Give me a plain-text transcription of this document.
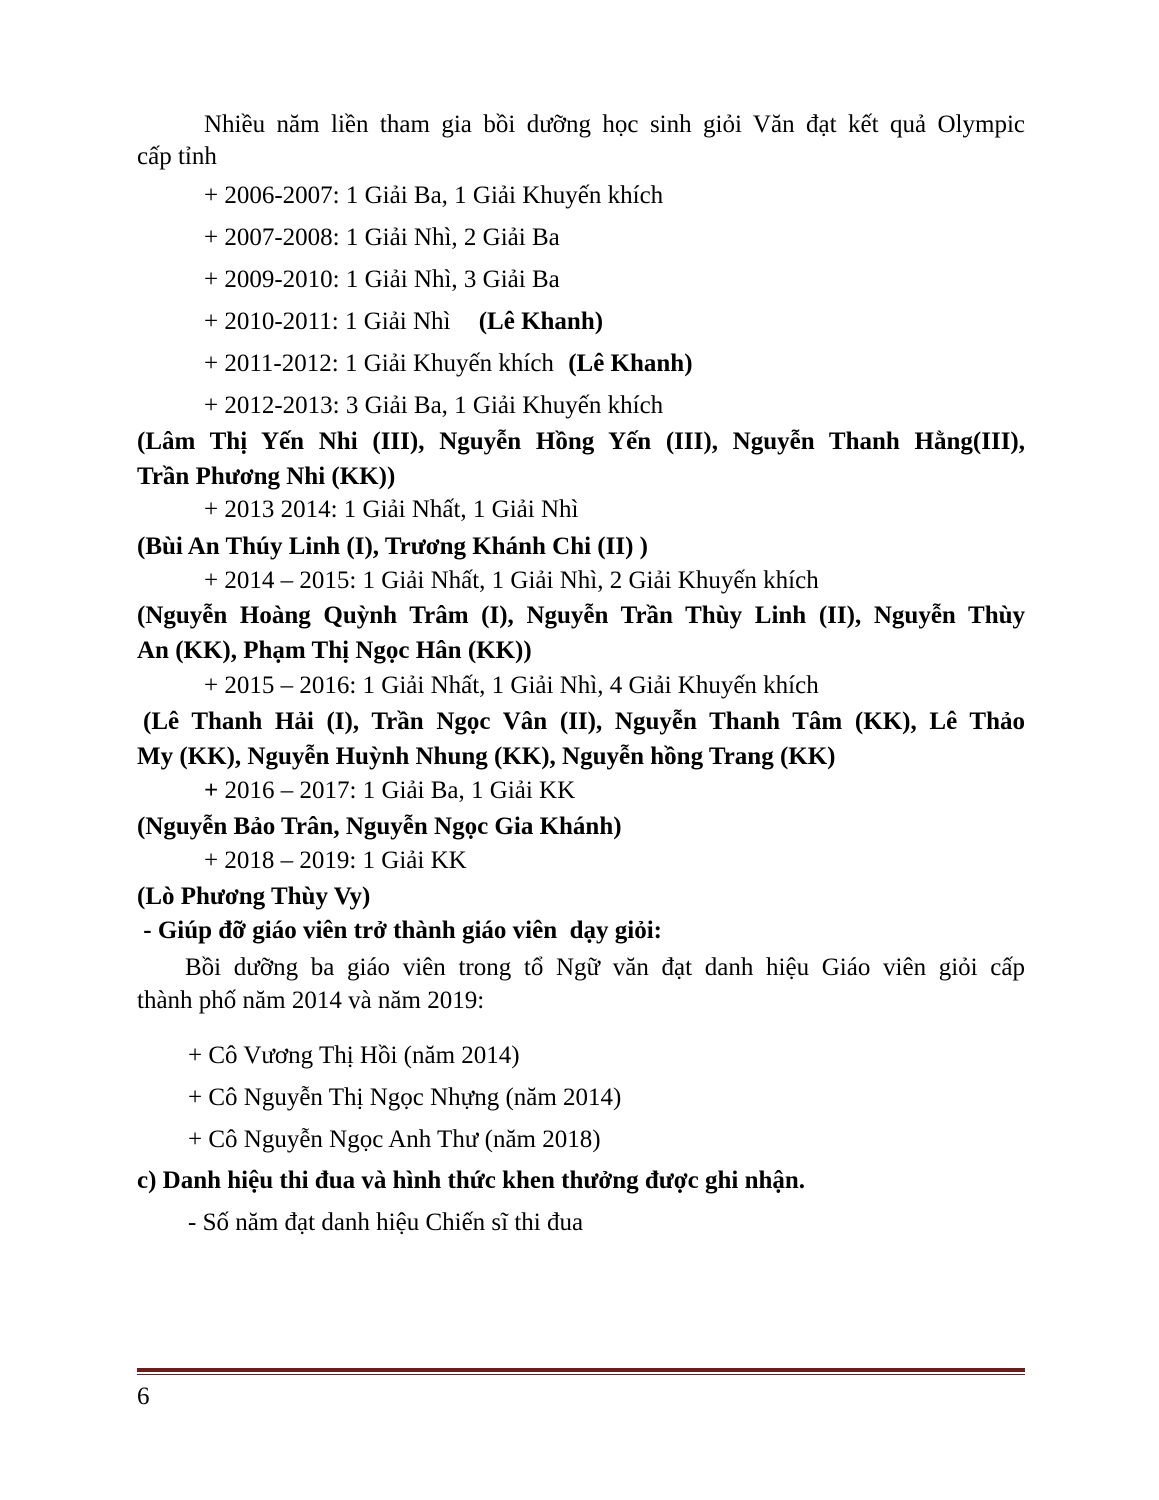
Nhiều năm liền tham gia bồi dưỡng học sinh giỏi Văn đạt kết quả Olympic
cấp tỉnh
+ 2006-2007: 1 Giải Ba, 1 Giải Khuyến khích
+ 2007-2008: 1 Giải Nhì, 2 Giải Ba
+ 2009-2010: 1 Giải Nhì, 3 Giải Ba
+ 2010-2011: 1 Giải Nhì (Lê Khanh)
+ 2011-2012: 1 Giải Khuyến khích (Lê Khanh)
+ 2012-2013: 3 Giải Ba, 1 Giải Khuyến khích
(Lâm Thị Yến Nhi (III), Nguyễn Hồng Yến (III), Nguyễn Thanh Hằng(III),
Trần Phương Nhi (KK))
+ 2013 2014: 1 Giải Nhất, 1 Giải Nhì
(Bùi An Thúy Linh (I), Trương Khánh Chi (II) )
+ 2014 – 2015: 1 Giải Nhất, 1 Giải Nhì, 2 Giải Khuyến khích
(Nguyễn Hoàng Quỳnh Trâm (I), Nguyễn Trần Thùy Linh (II), Nguyễn Thùy
An (KK), Phạm Thị Ngọc Hân (KK))
+ 2015 – 2016: 1 Giải Nhất, 1 Giải Nhì, 4 Giải Khuyến khích
(Lê Thanh Hải (I), Trần Ngọc Vân (II), Nguyễn Thanh Tâm (KK), Lê Thảo
My (KK), Nguyễn Huỳnh Nhung (KK), Nguyễn hồng Trang (KK)
+ 2016 – 2017: 1 Giải Ba, 1 Giải KK
(Nguyễn Bảo Trân, Nguyễn Ngọc Gia Khánh)
+ 2018 – 2019: 1 Giải KK
(Lò Phương Thùy Vy)
- Giúp đỡ giáo viên trở thành giáo viên  dạy giỏi:
Bồi dưỡng ba giáo viên trong tổ Ngữ văn đạt danh hiệu Giáo viên giỏi cấp
thành phố năm 2014 và năm 2019:
+ Cô Vương Thị Hồi (năm 2014)
+ Cô Nguyễn Thị Ngọc Nhựng (năm 2014)
+ Cô Nguyễn Ngọc Anh Thư (năm 2018)
c) Danh hiệu thi đua và hình thức khen thưởng được ghi nhận.
- Số năm đạt danh hiệu Chiến sĩ thi đua
6
